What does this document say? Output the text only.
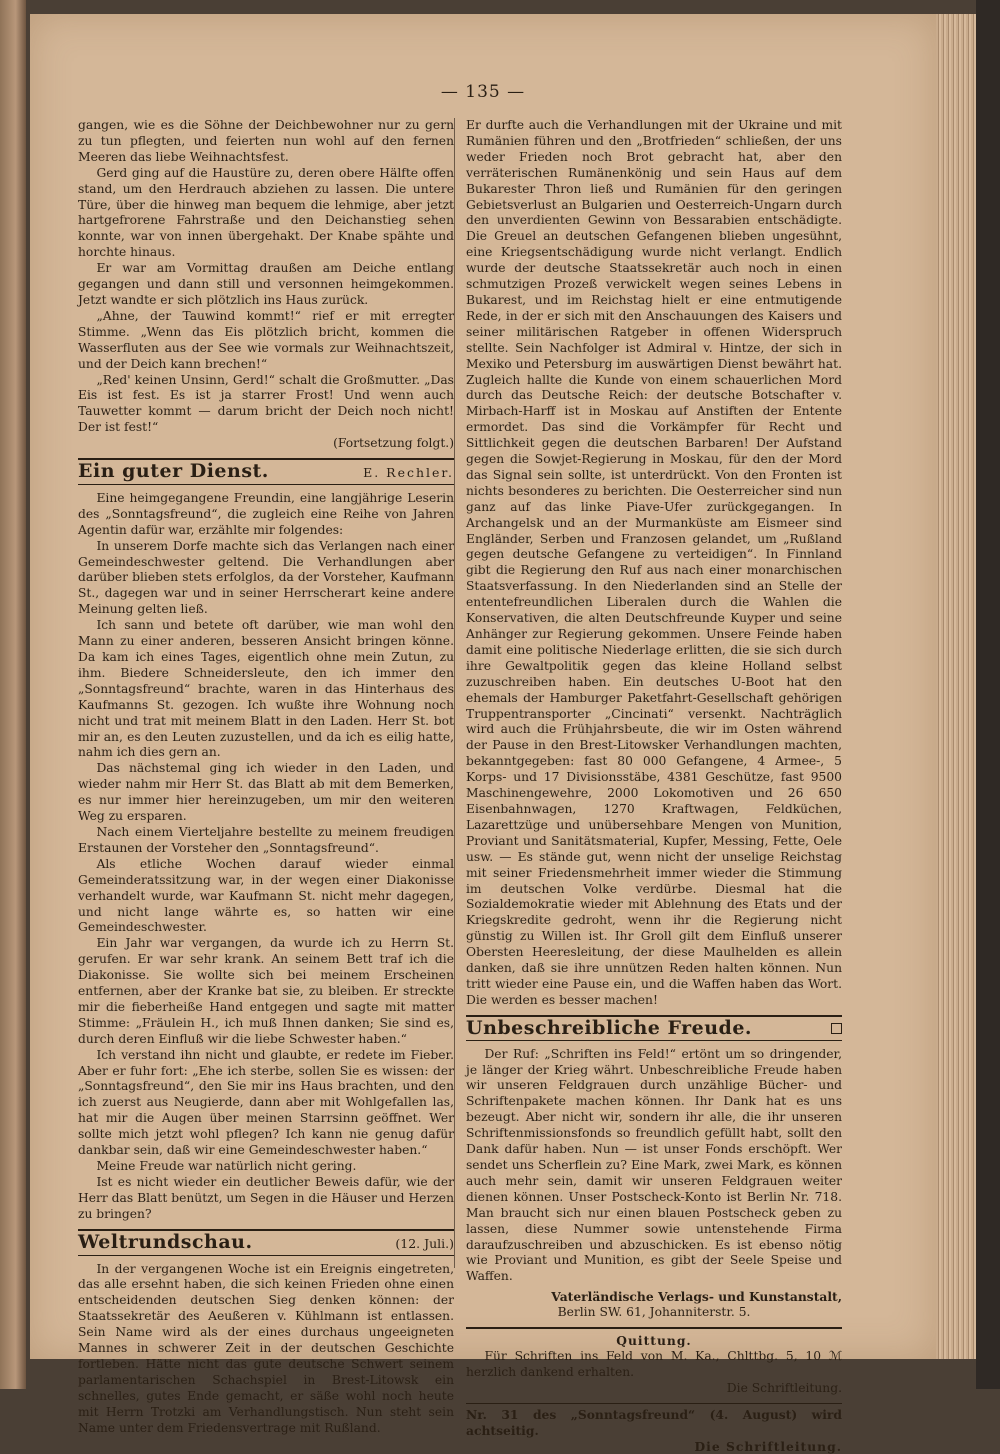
— 135 —

gangen, wie es die Söhne der Deichbewohner nur zu gern zu tun pflegten, und feierten nun wohl auf den fernen Meeren das liebe Weihnachtsfest.

Gerd ging auf die Haustüre zu, deren obere Hälfte offen stand, um den Herdrauch abziehen zu lassen. Die untere Türe, über die hinweg man bequem die lehmige, aber jetzt hartgefrorene Fahrstraße und den Deichanstieg sehen konnte, war von innen übergehakt. Der Knabe spähte und horchte hinaus.

Er war am Vormittag draußen am Deiche entlang gegangen und dann still und versonnen heimgekommen. Jetzt wandte er sich plötzlich ins Haus zurück.

„Ahne, der Tauwind kommt!“ rief er mit erregter Stimme. „Wenn das Eis plötzlich bricht, kommen die Wasserfluten aus der See wie vormals zur Weihnachtszeit, und der Deich kann brechen!“

„Red' keinen Unsinn, Gerd!“ schalt die Großmutter. „Das Eis ist fest. Es ist ja starrer Frost! Und wenn auch Tauwetter kommt — darum bricht der Deich noch nicht! Der ist fest!“

(Fortsetzung folgt.)
Ein guter Dienst.	E. Rechler.

Eine heimgegangene Freundin, eine langjährige Leserin des „Sonntagsfreund“, die zugleich eine Reihe von Jahren Agentin dafür war, erzählte mir folgendes:

In unserem Dorfe machte sich das Verlangen nach einer Gemeindeschwester geltend. Die Verhandlungen aber darüber blieben stets erfolglos, da der Vorsteher, Kaufmann St., dagegen war und in seiner Herrscherart keine andere Meinung gelten ließ.

Ich sann und betete oft darüber, wie man wohl den Mann zu einer anderen, besseren Ansicht bringen könne. Da kam ich eines Tages, eigentlich ohne mein Zutun, zu ihm. Biedere Schneidersleute, den ich immer den „Sonntagsfreund“ brachte, waren in das Hinterhaus des Kaufmanns St. gezogen. Ich wußte ihre Wohnung noch nicht und trat mit meinem Blatt in den Laden. Herr St. bot mir an, es den Leuten zuzustellen, und da ich es eilig hatte, nahm ich dies gern an.

Das nächstemal ging ich wieder in den Laden, und wieder nahm mir Herr St. das Blatt ab mit dem Bemerken, es nur immer hier hereinzugeben, um mir den weiteren Weg zu ersparen.

Nach einem Vierteljahre bestellte zu meinem freudigen Erstaunen der Vorsteher den „Sonntagsfreund“.

Als etliche Wochen darauf wieder einmal Gemeinderatssitzung war, in der wegen einer Diakonisse verhandelt wurde, war Kaufmann St. nicht mehr dagegen, und nicht lange währte es, so hatten wir eine Gemeindeschwester.

Ein Jahr war vergangen, da wurde ich zu Herrn St. gerufen. Er war sehr krank. An seinem Bett traf ich die Diakonisse. Sie wollte sich bei meinem Erscheinen entfernen, aber der Kranke bat sie, zu bleiben. Er streckte mir die fieberheiße Hand entgegen und sagte mit matter Stimme: „Fräulein H., ich muß Ihnen danken; Sie sind es, durch deren Einfluß wir die liebe Schwester haben.“

Ich verstand ihn nicht und glaubte, er redete im Fieber. Aber er fuhr fort: „Ehe ich sterbe, sollen Sie es wissen: der „Sonntagsfreund“, den Sie mir ins Haus brachten, und den ich zuerst aus Neugierde, dann aber mit Wohlgefallen las, hat mir die Augen über meinen Starrsinn geöffnet. Wer sollte mich jetzt wohl pflegen? Ich kann nie genug dafür dankbar sein, daß wir eine Gemeindeschwester haben.“

Meine Freude war natürlich nicht gering.

Ist es nicht wieder ein deutlicher Beweis dafür, wie der Herr das Blatt benützt, um Segen in die Häuser und Herzen zu bringen?

Weltrundschau.	(12. Juli.)

In der vergangenen Woche ist ein Ereignis eingetreten, das alle ersehnt haben, die sich keinen Frieden ohne einen entscheidenden deutschen Sieg denken können: der Staatssekretär des Aeußeren v. Kühlmann ist entlassen. Sein Name wird als der eines durchaus ungeeigneten Mannes in schwerer Zeit in der deutschen Geschichte fortleben. Hätte nicht das gute deutsche Schwert seinem parlamentarischen Schachspiel in Brest-Litowsk ein schnelles, gutes Ende gemacht, er säße wohl noch heute mit Herrn Trotzki am Verhandlungstisch. Nun steht sein Name unter dem Friedensvertrage mit Rußland.

Er durfte auch die Verhandlungen mit der Ukraine und mit Rumänien führen und den „Brotfrieden“ schließen, der uns weder Frieden noch Brot gebracht hat, aber den verräterischen Rumänenkönig und sein Haus auf dem Bukarester Thron ließ und Rumänien für den geringen Gebietsverlust an Bulgarien und Oesterreich-Ungarn durch den unverdienten Gewinn von Bessarabien entschädigte. Die Greuel an deutschen Gefangenen blieben ungesühnt, eine Kriegsentschädigung wurde nicht verlangt. Endlich wurde der deutsche Staatssekretär auch noch in einen schmutzigen Prozeß verwickelt wegen seines Lebens in Bukarest, und im Reichstag hielt er eine entmutigende Rede, in der er sich mit den Anschauungen des Kaisers und seiner militärischen Ratgeber in offenen Widerspruch stellte. Sein Nachfolger ist Admiral v. Hintze, der sich in Mexiko und Petersburg im auswärtigen Dienst bewährt hat. Zugleich hallte die Kunde von einem schauerlichen Mord durch das Deutsche Reich: der deutsche Botschafter v. Mirbach-Harff ist in Moskau auf Anstiften der Entente ermordet. Das sind die Vorkämpfer für Recht und Sittlichkeit gegen die deutschen Barbaren! Der Aufstand gegen die Sowjet-Regierung in Moskau, für den der Mord das Signal sein sollte, ist unterdrückt. Von den Fronten ist nichts besonderes zu berichten. Die Oesterreicher sind nun ganz auf das linke Piave-Ufer zurückgegangen. In Archangelsk und an der Murmanküste am Eismeer sind Engländer, Serben und Franzosen gelandet, um „Rußland gegen deutsche Gefangene zu verteidigen“. In Finnland gibt die Regierung den Ruf aus nach einer monarchischen Staatsverfassung. In den Niederlanden sind an Stelle der ententefreundlichen Liberalen durch die Wahlen die Konservativen, die alten Deutschfreunde Kuyper und seine Anhänger zur Regierung gekommen. Unsere Feinde haben damit eine politische Niederlage erlitten, die sie sich durch ihre Gewaltpolitik gegen das kleine Holland selbst zuzuschreiben haben. Ein deutsches U-Boot hat den ehemals der Hamburger Paketfahrt-Gesellschaft gehörigen Truppentransporter „Cincinati“ versenkt. Nachträglich wird auch die Frühjahrsbeute, die wir im Osten während der Pause in den Brest-Litowsker Verhandlungen machten, bekanntgegeben: fast 80 000 Gefangene, 4 Armee-, 5 Korps- und 17 Divisionsstäbe, 4381 Geschütze, fast 9500 Maschinengewehre, 2000 Lokomotiven und 26 650 Eisenbahnwagen, 1270 Kraftwagen, Feldküchen, Lazarettzüge und unübersehbare Mengen von Munition, Proviant und Sanitätsmaterial, Kupfer, Messing, Fette, Oele usw. — Es stände gut, wenn nicht der unselige Reichstag mit seiner Friedensmehrheit immer wieder die Stimmung im deutschen Volke verdürbe. Diesmal hat die Sozialdemokratie wieder mit Ablehnung des Etats und der Kriegskredite gedroht, wenn ihr die Regierung nicht günstig zu Willen ist. Ihr Groll gilt dem Einfluß unserer Obersten Heeresleitung, der diese Maulhelden es allein danken, daß sie ihre unnützen Reden halten können. Nun tritt wieder eine Pause ein, und die Waffen haben das Wort. Die werden es besser machen!

Unbeschreibliche Freude.

Der Ruf: „Schriften ins Feld!“ ertönt um so dringender, je länger der Krieg währt. Unbeschreibliche Freude haben wir unseren Feldgrauen durch unzählige Bücher- und Schriftenpakete machen können. Ihr Dank hat es uns bezeugt. Aber nicht wir, sondern ihr alle, die ihr unseren Schriftenmissionsfonds so freundlich gefüllt habt, sollt den Dank dafür haben. Nun — ist unser Fonds erschöpft. Wer sendet uns Scherflein zu? Eine Mark, zwei Mark, es können auch mehr sein, damit wir unseren Feldgrauen weiter dienen können. Unser Postscheck-Konto ist Berlin Nr. 718. Man braucht sich nur einen blauen Postscheck geben zu lassen, diese Nummer sowie untenstehende Firma daraufzuschreiben und abzuschicken. Es ist ebenso nötig wie Proviant und Munition, es gibt der Seele Speise und Waffen.

Vaterländische Verlags- und Kunstanstalt,

Berlin SW. 61, Johanniterstr. 5.

Quittung.

Für Schriften ins Feld von M. Ka., Chlttbg. 5, 10 ℳ herzlich dankend erhalten.

Die Schriftleitung.
Nr. 31 des „Sonntagsfreund“ (4. August) wird achtseitig.
Die Schriftleitung.
